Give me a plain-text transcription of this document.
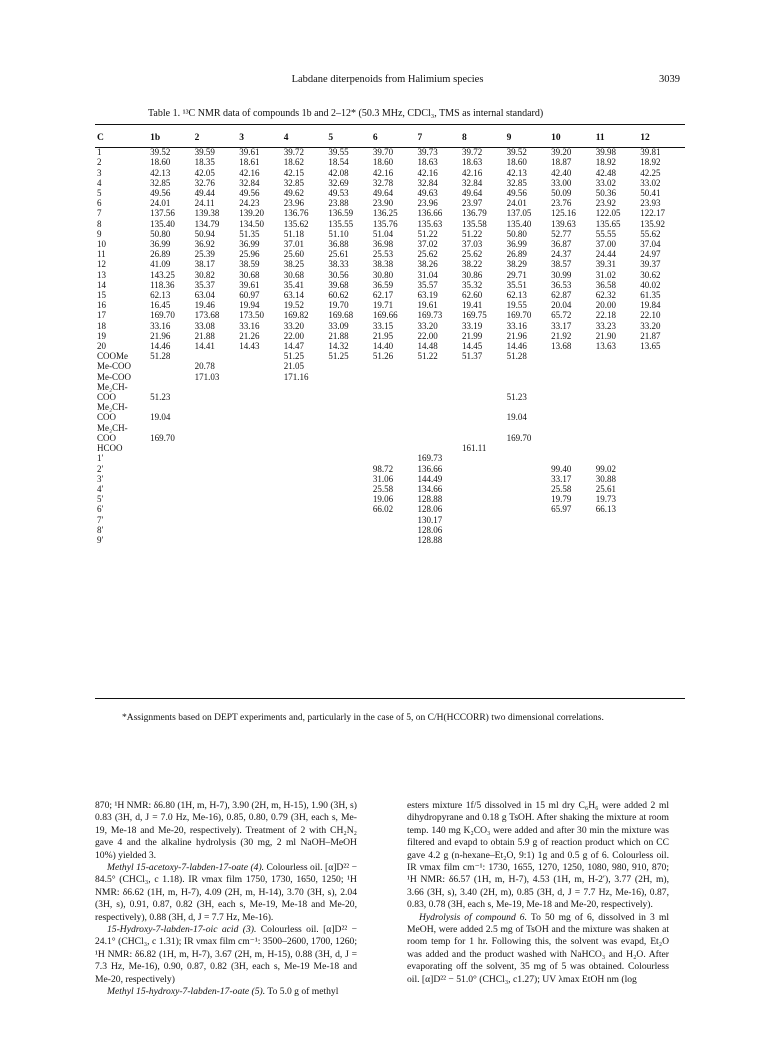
Labdane diterpenoids from Halimium species	3039
Table 1. ¹³C NMR data of compounds 1b and 2–12* (50.3 MHz, CDCl₃, TMS as internal standard)
C	1b	2	3	4	5	6	7	8	9	10	11	12
1	39.52	39.59	39.61	39.72	39.55	39.70	39.73	39.72	39.52	39.20	39.98	39.81
2	18.60	18.35	18.61	18.62	18.54	18.60	18.63	18.63	18.60	18.87	18.92	18.92
3	42.13	42.05	42.16	42.15	42.08	42.16	42.16	42.16	42.13	42.40	42.48	42.25
4	32.85	32.76	32.84	32.85	32.69	32.78	32.84	32.84	32.85	33.00	33.02	33.02
5	49.56	49.44	49.56	49.62	49.53	49.64	49.63	49.64	49.56	50.09	50.36	50.41
6	24.01	24.11	24.23	23.96	23.88	23.90	23.96	23.97	24.01	23.76	23.92	23.93
7	137.56	139.38	139.20	136.76	136.59	136.25	136.66	136.79	137.05	125.16	122.05	122.17
8	135.40	134.79	134.50	135.62	135.55	135.76	135.63	135.58	135.40	139.63	135.65	135.92
9	50.80	50.94	51.35	51.18	51.10	51.04	51.22	51.22	50.80	52.77	55.55	55.62
10	36.99	36.92	36.99	37.01	36.88	36.98	37.02	37.03	36.99	36.87	37.00	37.04
11	26.89	25.39	25.96	25.60	25.61	25.53	25.62	25.62	26.89	24.37	24.44	24.97
12	41.09	38.17	38.59	38.25	38.33	38.38	38.26	38.22	38.29	38.57	39.31	39.37
13	143.25	30.82	30.68	30.68	30.56	30.80	31.04	30.86	29.71	30.99	31.02	30.62
14	118.36	35.37	39.61	35.41	39.68	36.59	35.57	35.32	35.51	36.53	36.58	40.02
15	62.13	63.04	60.97	63.14	60.62	62.17	63.19	62.60	62.13	62.87	62.32	61.35
16	16.45	19.46	19.94	19.52	19.70	19.71	19.61	19.41	19.55	20.04	20.00	19.84
17	169.70	173.68	173.50	169.82	169.68	169.66	169.73	169.75	169.70	65.72	22.18	22.10
18	33.16	33.08	33.16	33.20	33.09	33.15	33.20	33.19	33.16	33.17	33.23	33.20
19	21.96	21.88	21.26	22.00	21.88	21.95	22.00	21.99	21.96	21.92	21.90	21.87
20	14.46	14.41	14.43	14.47	14.32	14.40	14.48	14.45	14.46	13.68	13.63	13.65
COOMe	51.28			51.25	51.25	51.26	51.22	51.37	51.28			
Me-COO		20.78		21.05								
Me-COO		171.03		171.16								
Me₂CH-												
COO	51.23								51.23			
Me₂CH-												
COO	19.04								19.04			
Me₂CH-												
COO	169.70								169.70			
HCOO								161.11				
1′							169.73					
2′						98.72	136.66			99.40	99.02	
3′						31.06	144.49			33.17	30.88	
4′						25.58	134.66			25.58	25.61	
5′						19.06	128.88			19.79	19.73	
6′						66.02	128.06			65.97	66.13	
7′							130.17					
8′							128.06					
9′							128.88					
*Assignments based on DEPT experiments and, particularly in the case of 5, on C/H(HCCORR) two dimensional correlations.

870; ¹H NMR: δ6.80 (1H, m, H-7), 3.90 (2H, m, H-15), 1.90 (3H, s) 0.83 (3H, d, J = 7.0 Hz, Me-16), 0.85, 0.80, 0.79 (3H, each s, Me-19, Me-18 and Me-20, respectively). Treatment of 2 with CH₂N₂ gave 4 and the alkaline hydrolysis (30 mg, 2 ml NaOH–MeOH 10%) yielded 3.

Methyl 15-acetoxy-7-labden-17-oate (4). Colourless oil. [α]D²² − 84.5° (CHCl₃, c 1.18). IR νmax film 1750, 1730, 1650, 1250; ¹H NMR: δ6.62 (1H, m, H-7), 4.09 (2H, m, H-14), 3.70 (3H, s), 2.04 (3H, s), 0.91, 0.87, 0.82 (3H, each s, Me-19, Me-18 and Me-20, respectively), 0.88 (3H, d, J = 7.7 Hz, Me-16).

15-Hydroxy-7-labden-17-oic acid (3). Colourless oil. [α]D²² − 24.1° (CHCl₃, c 1.31); IR νmax film cm⁻¹: 3500–2600, 1700, 1260; ¹H NMR: δ6.82 (1H, m, H-7), 3.67 (2H, m, H-15), 0.88 (3H, d, J = 7.3 Hz, Me-16), 0.90, 0.87, 0.82 (3H, each s, Me-19 Me-18 and Me-20, respectively)

Methyl 15-hydroxy-7-labden-17-oate (5). To 5.0 g of methyl

esters mixture 1f/5 dissolved in 15 ml dry C₆H₆ were added 2 ml dihydropyrane and 0.18 g TsOH. After shaking the mixture at room temp. 140 mg K₂CO₃ were added and after 30 min the mixture was filtered and evapd to obtain 5.9 g of reaction product which on CC gave 4.2 g (n-hexane–Et₂O, 9:1) 1g and 0.5 g of 6. Colourless oil. IR νmax film cm⁻¹: 1730, 1655, 1270, 1250, 1080, 980, 910, 870; ¹H NMR: δ6.57 (1H, m, H-7), 4.53 (1H, m, H-2′), 3.77 (2H, m), 3.66 (3H, s), 3.40 (2H, m), 0.85 (3H, d, J = 7.7 Hz, Me-16), 0.87, 0.83, 0.78 (3H, each s, Me-19, Me-18 and Me-20, respectively).

Hydrolysis of compound 6. To 50 mg of 6, dissolved in 3 ml MeOH, were added 2.5 mg of TsOH and the mixture was shaken at room temp for 1 hr. Following this, the solvent was evapd, Et₂O was added and the product washed with NaHCO₃ and H₂O. After evaporating off the solvent, 35 mg of 5 was obtained. Colourless oil. [α]D²² − 51.0° (CHCl₃, c1.27); UV λmax EtOH nm (log
